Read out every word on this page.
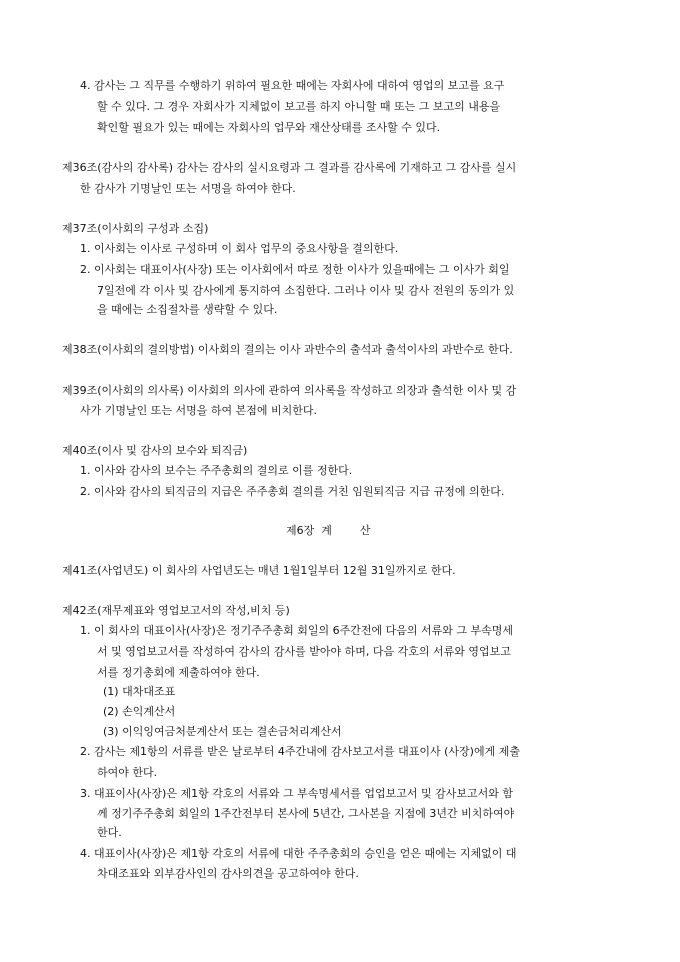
4. 감사는 그 직무를 수행하기 위하여 필요한 때에는 자회사에 대하여 영업의 보고를 요구
할 수 있다. 그 경우 자회사가 지체없이 보고를 하지 아니할 때 또는 그 보고의 내용을
확인할 필요가 있는 때에는 자회사의 업무와 재산상태를 조사할 수 있다.
제36조(감사의 감사록) 감사는 감사의 실시요령과 그 결과를 감사록에 기재하고 그 감사를 실시
한 감사가 기명날인 또는 서명을 하여야 한다.
제37조(이사회의 구성과 소집)
1. 이사회는 이사로 구성하며 이 회사 업무의 중요사항을 결의한다.
2. 이사회는 대표이사(사장) 또는 이사회에서 따로 정한 이사가 있을때에는 그 이사가 회일
7일전에 각 이사 및 감사에게 통지하여 소집한다. 그러나 이사 및 감사 전원의 동의가 있
을 때에는 소집절차를 생략할 수 있다.
제38조(이사회의 결의방법) 이사회의 결의는 이사 과반수의 출석과 출석이사의 과반수로 한다.
제39조(이사회의 의사록) 이사회의 의사에 관하여 의사록을 작성하고 의장과 출석한 이사 및 감
사가 기명날인 또는 서명을 하여 본점에 비치한다.
제40조(이사 및 감사의 보수와 퇴직금)
1. 이사와 감사의 보수는 주주총회의 결의로 이를 정한다.
2. 이사와 감사의 퇴직금의 지급은 주주총회 결의를 거친 임원퇴직금 지급 규정에 의한다.
제6장  계        산
제41조(사업년도) 이 회사의 사업년도는 매년 1월1일부터 12월 31일까지로 한다.
제42조(재무제표와 영업보고서의 작성,비치 등)
1. 이 회사의 대표이사(사장)은 정기주주총회 회일의 6주간전에 다음의 서류와 그 부속명세
서 및 영업보고서를 작성하여 감사의 감사를 받아야 하며, 다음 각호의 서류와 영업보고
서를 정기총회에 제출하여야 한다.
(1) 대차대조표
(2) 손익계산서
(3) 이익잉여금처분계산서 또는 결손금처리계산서
2. 감사는 제1항의 서류를 받은 날로부터 4주간내에 감사보고서를 대표이사 (사장)에게 제출
하여야 한다.
3. 대표이사(사장)은 제1항 각호의 서류와 그 부속명세서를 업업보고서 및 감사보고서와 함
께 정기주주총회 회일의 1주간전부터 본사에 5년간, 그사본을 지점에 3년간 비치하여야
한다.
4. 대표이사(사장)은 제1항 각호의 서류에 대한 주주총회의 승인을 얻은 때에는 지체없이 대
차대조표와 외부감사인의 감사의견을 공고하여야 한다.
